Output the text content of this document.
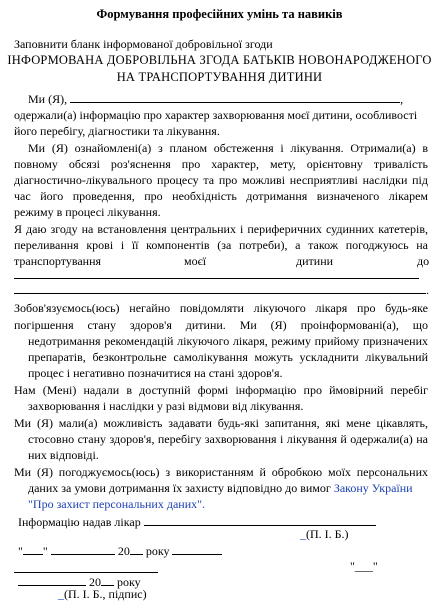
Формування професійних умінь та навиків
Заповнити бланк інформованої добровільної згоди
ІНФОРМОВАНА ДОБРОВІЛЬНА ЗГОДА БАТЬКІВ НОВОНАРОДЖЕНОГО
НА ТРАНСПОРТУВАННЯ ДИТИНИ
Ми (Я),	,
одержали(а) інформацію про характер захворювання моєї дитини, особливості
його перебігу, діагностики та лікування.
Ми (Я) ознайомлені(а) з планом обстеження і лікування. Отримали(а) в
повному обсязі роз'яснення про характер, мету, орієнтовну тривалість
діагностично-лікувального процесу та про можливі несприятливі наслідки під
час його проведення, про необхідність дотримання визначеного лікарем
режиму в процесі лікування.
Я даю згоду на встановлення центральних і периферичних судинних катетерів,
переливання крові і її компонентів (за потреби), а також погоджуюсь на
транспортування	моєї	дитини	до
.
Зобов'язуємось(юсь) негайно повідомляти лікуючого лікаря про будь-яке
погіршення стану здоров'я дитини. Ми (Я) проінформовані(а), що
недотримання рекомендацій лікуючого лікаря, режиму прийому призначених
препаратів, безконтрольне самолікування можуть ускладнити лікувальний
процес і негативно позначитися на стані здоров'я.
Нам (Мені) надали в доступній формі інформацію про ймовірний перебіг
захворювання і наслідки у разі відмови від лікування.
Ми (Я) мали(а) можливість задавати будь-які запитання, які мене цікавлять,
стосовно стану здоров'я, перебігу захворювання і лікування й одержали(а) на
них відповіді.
Ми (Я) погоджуємось(юсь) з використанням й обробкою моїх персональних
даних за умови дотримання їх захисту відповідно до вимог Закону України
"Про захист персональних даних".
Інформацію надав лікар
_(П. І. Б.)
" "	20 року
"___"
20 року
_(П. І. Б., підпис)
